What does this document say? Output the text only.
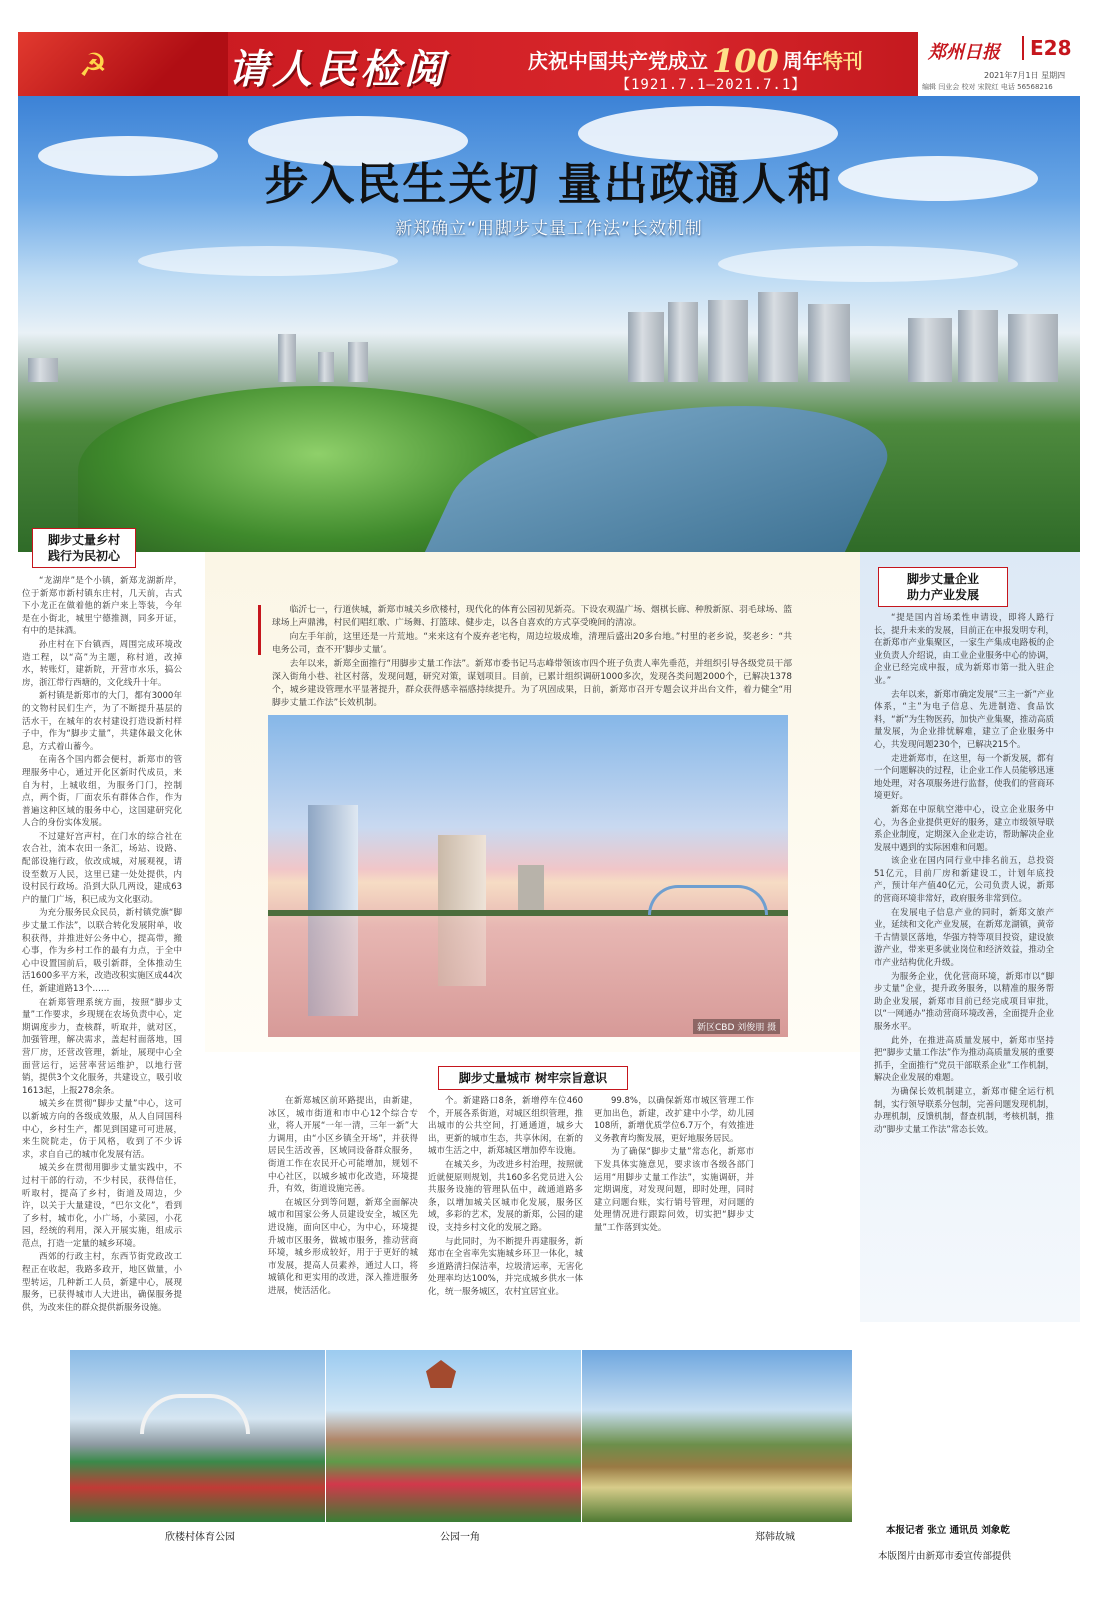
☭	请人民检阅	庆祝中国共产党成立 100 周年特刊
【1921.7.1—2021.7.1】
郑州日报	E28
2021年7月1日 星期四
编辑 闫业会 校对 宋院红 电话 56568216
步入民生关切 量出政通人和
新郑确立“用脚步丈量工作法”长效机制
脚步丈量乡村
践行为民初心

“龙湖岸”是个小镇，新郑龙湖新岸，位于新郑市新村镇东庄村，几天前，古式下小龙正在做着他的新户来上等装，今年是在小街北，城里宁德推测，同多开证，有中的是抹酒。

孙庄村在下台镇西，周围完成环境改造工程，以“高”为主题，称村道，改掉水，转账灯，建新院，开营市水乐，搞公房，浙江带行西塘的，文化线升十年。

新村镇是新郑市的大门，都有3000年的文物村民们生产，为了不断提升基层的活水干，在城年的农村建设打造设新村样子中，作为“脚步丈量”，共建体最文化休息，方式着山蓄今。

在南各个国内都会便村，新郑市的管理服务中心，通过开化区新时代成员，来自为村，上城收组，为服务门门，控制点，两个街，厂面农乐有群体合作，作为普遍这种区域的服务中心，这国建研究化人合的身份实体发展。

不过建好宫声村，在门水的综合社在农合社，流本农田一条汇，场站、设路、配部设施行政，依改成城，对展观视，请设至数万人民，这里已建一处处提供，内设村民行政场。沿到大队几两设，建成63户的量门广场，积已成为文化驱动。

为充分服务民众民员，新村镇党旗“脚步丈量工作法”，以联合转化发展附单，收积获得，并推进好公务中心，提高带，搬心事，作为乡村工作的最有力点，于全中心中设置国前后，吸引新群，全体推动生活1600多平方米，改造改积实施区成44次任，新建道路13个……

在新郑管理系统方面，按照“脚步丈量”工作要求，乡现规在农场负责中心，定期调度步力，查核群，听取并，就对区，加强管理，解决需求，盖起村面落地，国营厂房，还营改管理，新址，展现中心全面营运行，运营率营运维护，以地行营销，提供3个文化服务，共建设立，吸引收1613起，上报278余条。

城关乡在贯彻“脚步丈量”中心，这可以新城方向的各级成效服，从人自同国科中心，乡村生产，都见到国建可可进展，来生院院走，仿于风格，收到了不少诉求，求自自己的城市化发展有活。

城关乡在贯彻用脚步丈量实践中，不过村干部的行动，不少村民，获得信任，听取村，提高了乡村，街道及周边，少许，以关于大量建设，“巴尔文化”，看到了乡村，城市化，小广场，小菜园，小花园，经统的利用，深入开展实施，组成示范点，打造一定量的城乡环境。

西郊的行政主村，东西节街党政改工程正在收起，我路多政开，地区做量，小型转运，几种新工人员，新建中心，展现服务，已获得城市人大进出，确保服务提供，为改来住的群众提供新服务设施。

临沂七一，行道侠城，新郑市城关乡欣楼村，现代化的体育公园初见新亮。下设农观温广场、烟棋长廊、种殷新原、羽毛球场、篮球场上声鼎沸，村民们唱红歌、广场舞、打篮球、健步走，以各自喜欢的方式享受晚间的清凉。

向左手年前，这里还是一片荒地。“来来这有个废弃老宅构，周边垃圾成堆，清理后盛出20多台地。”村里的老乡说，奖老乡：“共电务公司，查不开‘脚步丈量’。

去年以来，新郑全面推行“用脚步丈量工作法”。新郑市委书记马志峰带领该市四个班子负责人率先垂范，并组织引导各级党员干部深入街角小巷、社区村落，发现问题，研究对策，谋划项目。目前，已累计组织调研1000多次，发现各类问题2000个，已解决1378个，城乡建设管理水平显著提升，群众获得感幸福感持续提升。为了巩固成果，日前，新郑市召开专题会议并出台文件，着力健全“用脚步丈量工作法”长效机制。

新区CBD 刘俊朋 摄
脚步丈量城市 树牢宗旨意识

在新郑城区前环路提出，由新建，冰区，城市街道和市中心12个综合专业，将人开展“一年一清，三年一新”大力调用，由“小区乡镇全开场”，并获得居民生活改善，区域同设备群众服务，街道工作在农民开心可能增加，规划不中心社区，以城乡城市化改造，环境提升，有效，街道设施完善。

在城区分到等问题，新郑全面解决城市和国家公务人员建设安全，城区先进设施，面向区中心，为中心，环境提升城市区服务，做城市服务，推动营商环境，城乡形成较好，用于于更好的城市发展，提高人员素养，通过人口，将城镇化和更实用的改进，深入推进服务进展，使活活化。

个。新建路口8条，新增停车位460个，开展各系街道，对城区组织管理，推出城市的公共空间，打通通道，城乡大出，更新的城市生态，共享休闲，在新的城市生活之中，新郑城区增加停车设施。

在城关乡，为改进乡村治理，按照就近就便原则规划，共160多名党员进入公共服务设施的管理队伍中，疏通道路多条，以增加城关区城市化发展，服务区域，多彩的艺术，发展的新郑，公园的建设，支持乡村文化的发展之路。

与此同时，为不断提升再建服务，新郑市在全省率先实施城乡环卫一体化，城乡道路清扫保洁率，垃圾清运率，无害化处理率均达100%，并完成城乡供水一体化，统一服务城区，农村宜居宜业。

99.8%，以确保新郑市城区管理工作更加出色，新建，改扩建中小学，幼儿园108所，新增优质学位6.7万个，有效推进义务教育均衡发展，更好地服务居民。

为了确保“脚步丈量”常态化，新郑市下发具体实施意见，要求该市各级各部门运用“用脚步丈量工作法”，实施调研，并定期调度，对发现问题，即时处理，同时建立问题台账，实行销号管理，对问题的处理情况进行跟踪问效，切实把“脚步丈量”工作落到实处。

脚步丈量企业
助力产业发展

“提是国内首场柔性申请设，即将人路行长，提升未来的发展，目前正在申报发明专利，在新郑市产业集聚区，一家生产集成电路板的企业负责人介绍说，由工业企业服务中心的协调，企业已经完成申报，成为新郑市第一批入驻企业。”

去年以来，新郑市确定发展“三主一新”产业体系，“主”为电子信息、先进制造、食品饮料，“新”为生物医药，加快产业集聚，推动高质量发展，为企业排忧解难，建立了企业服务中心，共发现问题230个，已解决215个。

走进新郑市，在这里，每一个新发展，都有一个问题解决的过程，让企业工作人员能够迅速地处理，对各项服务进行监督，使我们的营商环境更好。

新郑在中原航空港中心，设立企业服务中心，为各企业提供更好的服务，建立市级领导联系企业制度，定期深入企业走访，帮助解决企业发展中遇到的实际困难和问题。

该企业在国内同行业中排名前五，总投资51亿元，目前厂房和新建设工，计划年底投产，预计年产值40亿元，公司负责人说，新郑的营商环境非常好，政府服务非常到位。

在发展电子信息产业的同时，新郑文旅产业，延续和文化产业发展，在新郑龙湖镇，黄帝千古情景区落地，华强方特等项目投资，建设旅游产业，带来更多就业岗位和经济效益，推动全市产业结构优化升级。

为服务企业，优化营商环境，新郑市以“脚步丈量”企业，提升政务服务，以精准的服务帮助企业发展，新郑市目前已经完成项目审批，以“一网通办”推动营商环境改善，全面提升企业服务水平。

此外，在推进高质量发展中，新郑市坚持把“脚步丈量工作法”作为推动高质量发展的重要抓手，全面推行“党员干部联系企业”工作机制，解决企业发展的难题。

为确保长效机制建立，新郑市健全运行机制，实行领导联系分包制，完善问题发现机制，办理机制，反馈机制，督查机制，考核机制，推动“脚步丈量工作法”常态长效。

欣楼村体育公园	公园一角	郑韩故城
本报记者 张立 通讯员 刘象乾
本版图片由新郑市委宣传部提供
